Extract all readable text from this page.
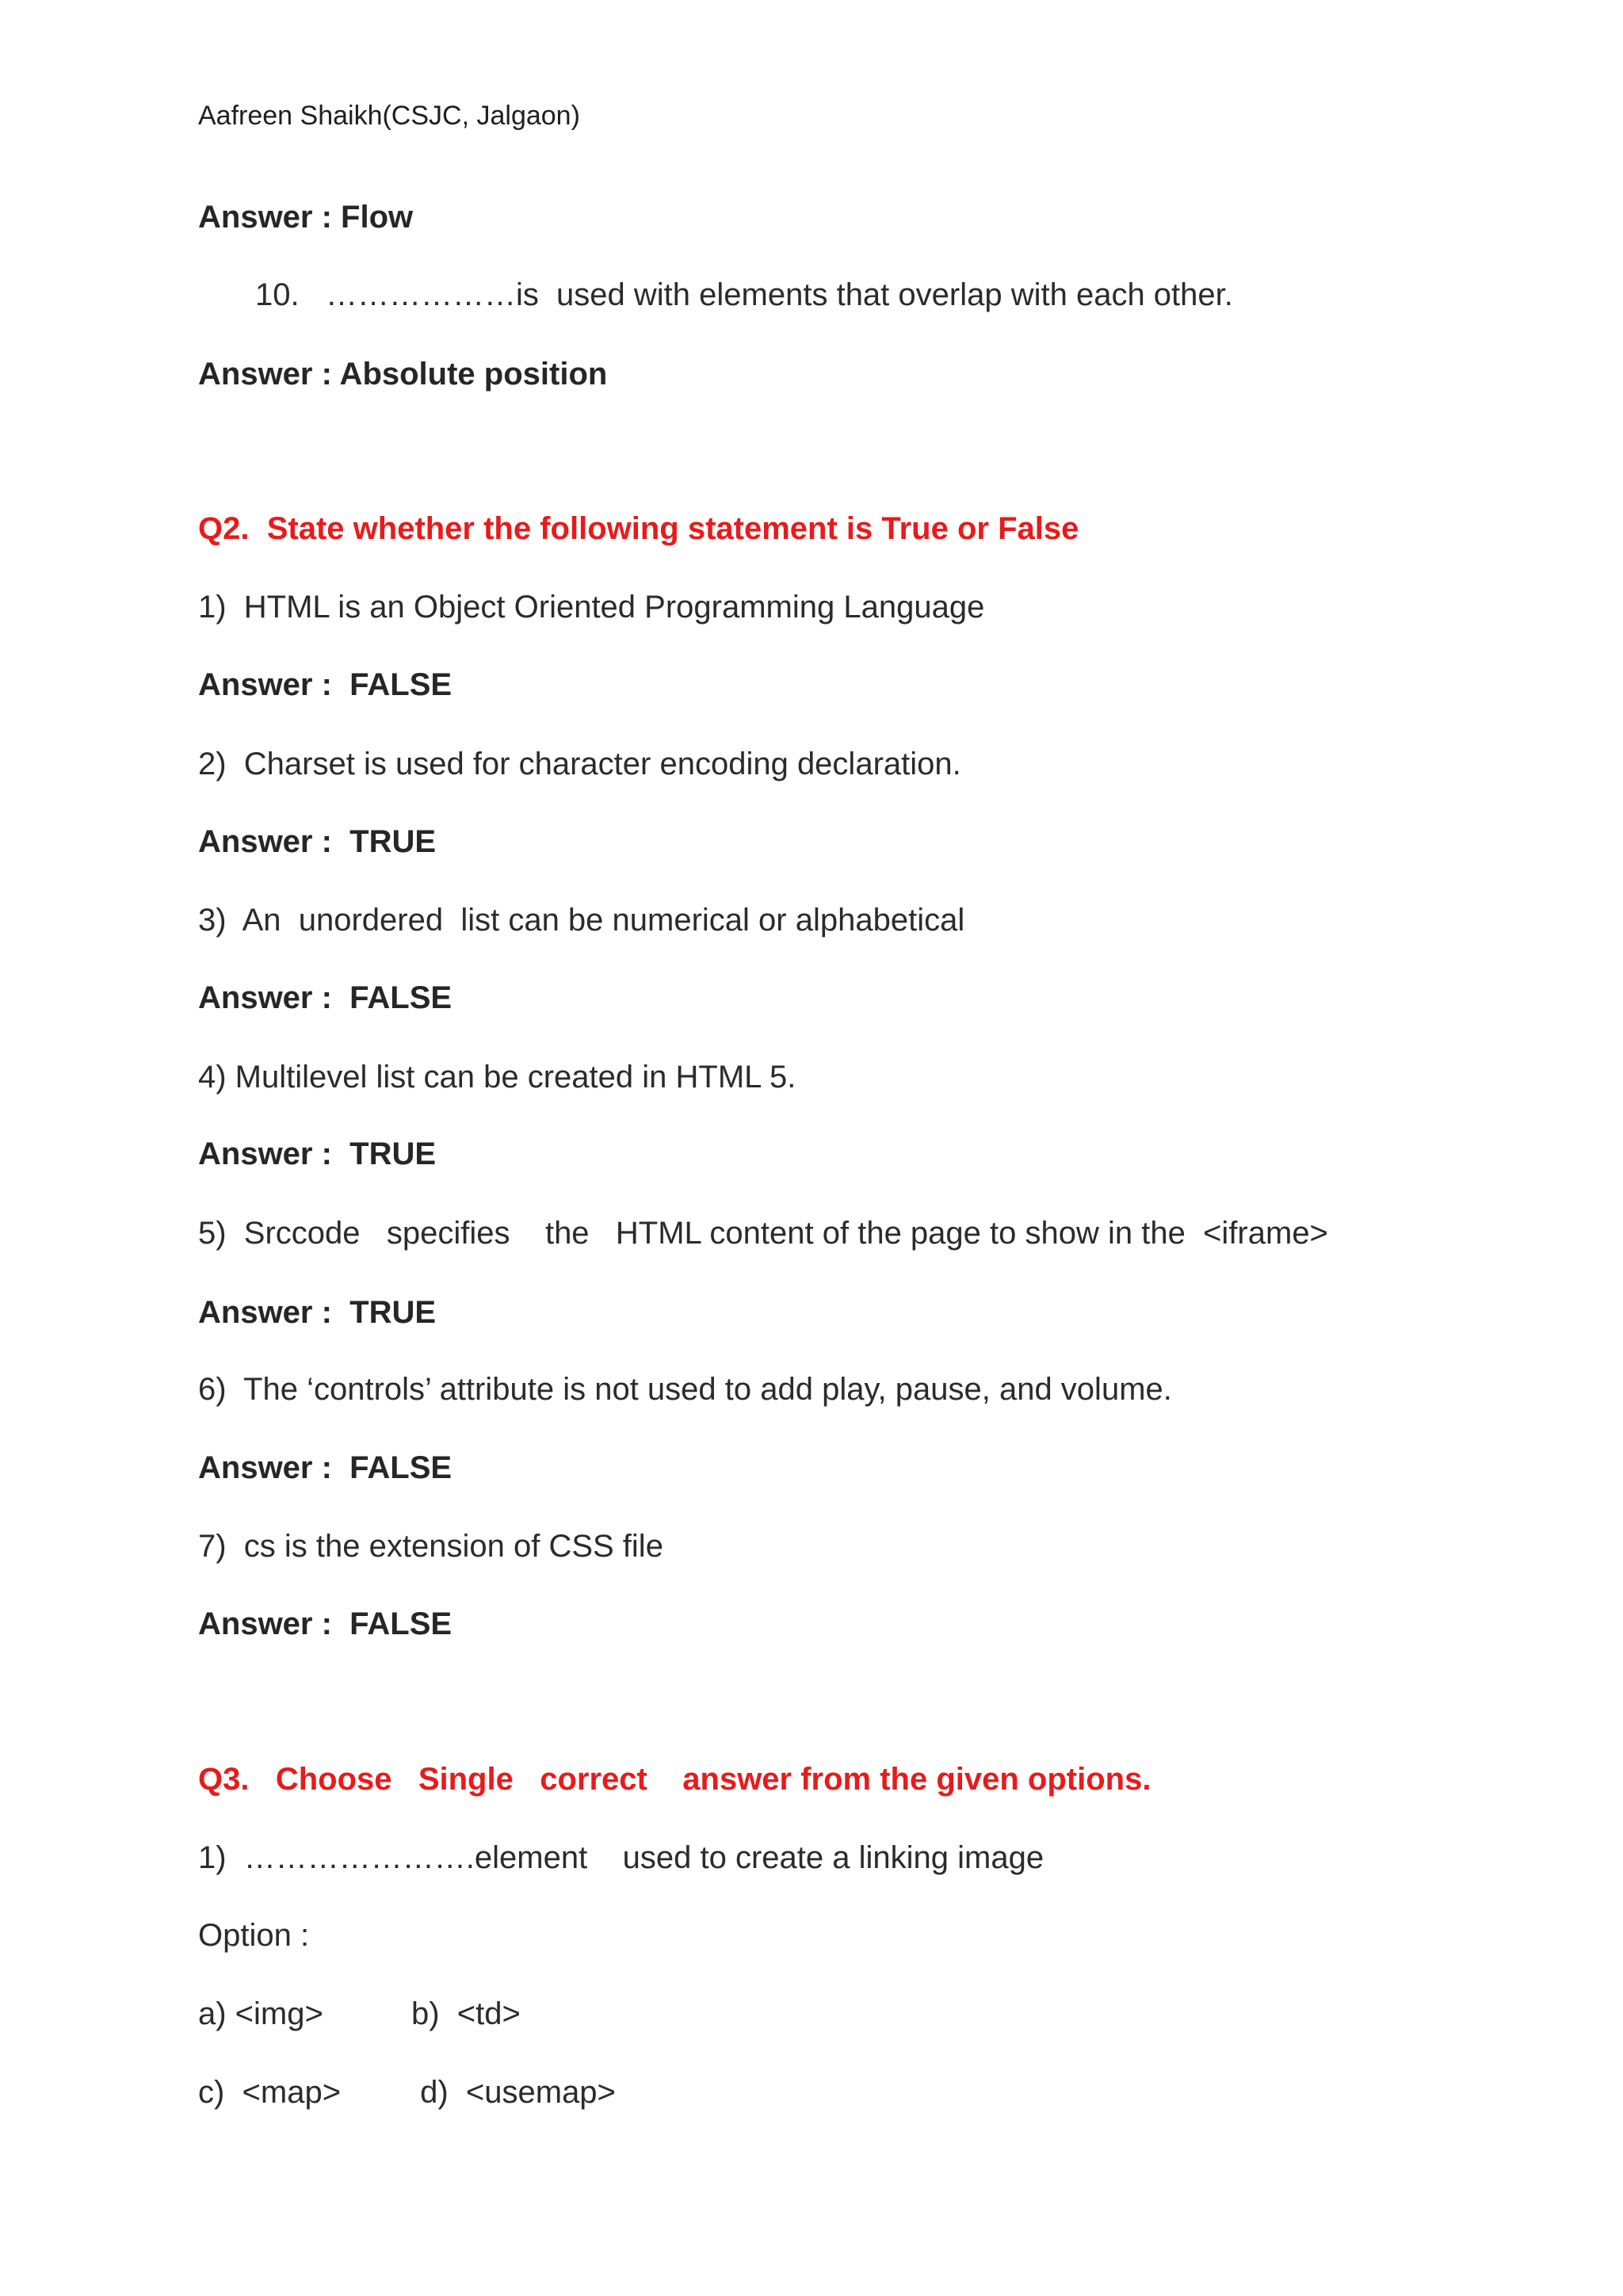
Aafreen Shaikh(CSJC, Jalgaon)
Answer : Flow
10.   ………………is  used with elements that overlap with each other.
Answer : Absolute position
Q2.  State whether the following statement is True or False
1)  HTML is an Object Oriented Programming Language
Answer :  FALSE
2)  Charset is used for character encoding declaration.
Answer :  TRUE
3)  An  unordered  list can be numerical or alphabetical
Answer :  FALSE
4) Multilevel list can be created in HTML 5.
Answer :  TRUE
5)  Srccode   specifies    the   HTML content of the page to show in the  <iframe>
Answer :  TRUE
6)  The ‘controls’ attribute is not used to add play, pause, and volume.
Answer :  FALSE
7)  cs is the extension of CSS file
Answer :  FALSE
Q3.   Choose   Single   correct    answer from the given options.
1)  ………………….element    used to create a linking image
Option :
a) <img>          b)  <td>
c)  <map>         d)  <usemap>
